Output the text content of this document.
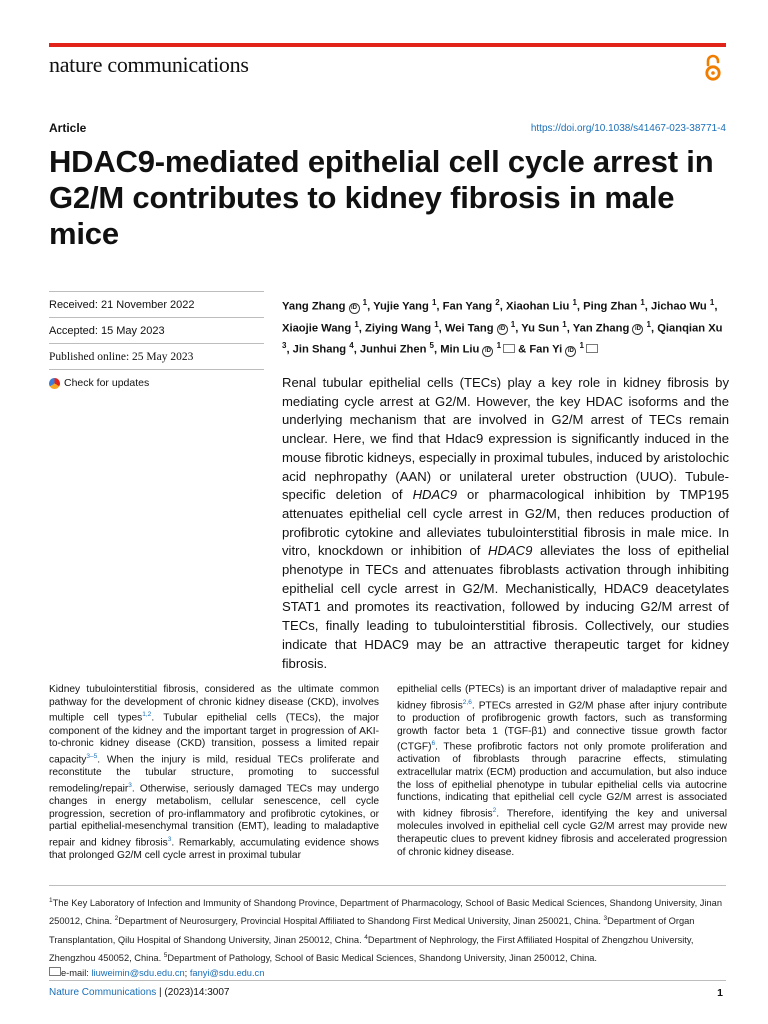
nature communications
Article	https://doi.org/10.1038/s41467-023-38771-4
HDAC9-mediated epithelial cell cycle arrest in G2/M contributes to kidney fibrosis in male mice
Received: 21 November 2022
Accepted: 15 May 2023
Published online: 25 May 2023
Check for updates

Yang Zhang iD $^1$, Yujie Yang $^1$, Fan Yang $^2$, Xiaohan Liu $^1$, Ping Zhan $^1$, Jichao Wu $^1$, Xiaojie Wang $^1$, Ziying Wang $^1$, Wei Tang iD $^1$, Yu Sun $^1$, Yan Zhang iD $^1$, Qianqian Xu $^3$, Jin Shang $^4$, Junhui Zhen $^5$, Min Liu iD $^1$ & Fan Yi iD $^1$

Renal tubular epithelial cells (TECs) play a key role in kidney fibrosis by mediating cycle arrest at G2/M. However, the key HDAC isoforms and the underlying mechanism that are involved in G2/M arrest of TECs remain unclear. Here, we find that Hdac9 expression is significantly induced in the mouse fibrotic kidneys, especially in proximal tubules, induced by aristolochic acid nephropathy (AAN) or unilateral ureter obstruction (UUO). Tubule-specific deletion of HDAC9 or pharmacological inhibition by TMP195 attenuates epithelial cell cycle arrest in G2/M, then reduces production of profibrotic cytokine and alleviates tubulointerstitial fibrosis in male mice. In vitro, knockdown or inhibition of HDAC9 alleviates the loss of epithelial phenotype in TECs and attenuates fibroblasts activation through inhibiting epithelial cell cycle arrest in G2/M. Mechanistically, HDAC9 deacetylates STAT1 and promotes its reactivation, followed by inducing G2/M arrest of TECs, finally leading to tubulointerstitial fibrosis. Collectively, our studies indicate that HDAC9 may be an attractive therapeutic target for kidney fibrosis.

Kidney tubulointerstitial fibrosis, considered as the ultimate common pathway for the development of chronic kidney disease (CKD), involves multiple cell types$^{1,2}$. Tubular epithelial cells (TECs), the major component of the kidney and the important target in progression of AKI-to-chronic kidney disease (CKD) transition, possess a limited repair capacity$^{3-5}$. When the injury is mild, residual TECs proliferate and reconstitute the tubular structure, promoting to successful remodeling/repair$^3$. Otherwise, seriously damaged TECs may undergo changes in energy metabolism, cellular senescence, cell cycle progression, secretion of pro-inflammatory and profibrotic cytokines, or partial epithelial-mesenchymal transition (EMT), leading to maladaptive repair and kidney fibrosis$^3$. Remarkably, accumulating evidence shows that prolonged G2/M cell cycle arrest in proximal tubular

epithelial cells (PTECs) is an important driver of maladaptive repair and kidney fibrosis$^{2,6}$. PTECs arrested in G2/M phase after injury contribute to production of profibrogenic growth factors, such as transforming growth factor beta 1 (TGF-β1) and connective tissue growth factor (CTGF)$^6$. These profibrotic factors not only promote proliferation and activation of fibroblasts through paracrine effects, stimulating extracellular matrix (ECM) production and accumulation, but also induce the loss of epithelial phenotype in tubular epithelial cells via autocrine functions, indicating that epithelial cell cycle G2/M arrest is associated with kidney fibrosis$^2$. Therefore, identifying the key and universal molecules involved in epithelial cell cycle G2/M arrest may provide new therapeutic clues to prevent kidney fibrosis and accelerated progression of chronic kidney disease.

$^1$The Key Laboratory of Infection and Immunity of Shandong Province, Department of Pharmacology, School of Basic Medical Sciences, Shandong University, Jinan 250012, China. $^2$Department of Neurosurgery, Provincial Hospital Affiliated to Shandong First Medical University, Jinan 250021, China. $^3$Department of Organ Transplantation, Qilu Hospital of Shandong University, Jinan 250012, China. $^4$Department of Nephrology, the First Affiliated Hospital of Zhengzhou University, Zhengzhou 450052, China. $^5$Department of Pathology, School of Basic Medical Sciences, Shandong University, Jinan 250012, China.
e-mail: liuweimin@sdu.edu.cn; fanyi@sdu.edu.cn

Nature Communications | (2023)14:3007	1
